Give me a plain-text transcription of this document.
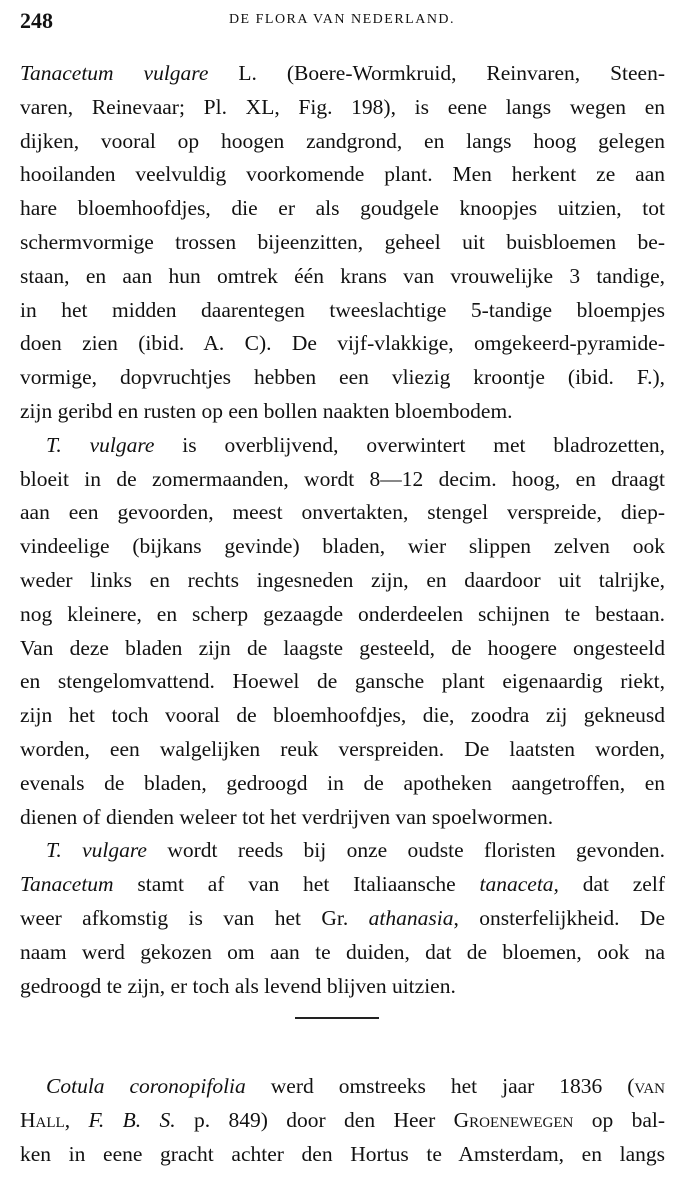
248	DE FLORA VAN NEDERLAND.
Tanacetum vulgare L. (Boere-Wormkruid, Reinvaren, Steen-
varen, Reinevaar; Pl. XL, Fig. 198), is eene langs wegen en
dijken, vooral op hoogen zandgrond, en langs hoog gelegen
hooilanden veelvuldig voorkomende plant. Men herkent ze aan
hare bloemhoofdjes, die er als goudgele knoopjes uitzien, tot
schermvormige trossen bijeenzitten, geheel uit buisbloemen be-
staan, en aan hun omtrek één krans van vrouwelijke 3 tandige,
in het midden daarentegen tweeslachtige 5-tandige bloempjes
doen zien (ibid. A. C). De vijf-vlakkige, omgekeerd-pyramide-
vormige, dopvruchtjes hebben een vliezig kroontje (ibid. F.),
zijn geribd en rusten op een bollen naakten bloembodem.
T. vulgare is overblijvend, overwintert met bladrozetten,
bloeit in de zomermaanden, wordt 8—12 decim. hoog, en draagt
aan een gevoorden, meest onvertakten, stengel verspreide, diep-
vindeelige (bijkans gevinde) bladen, wier slippen zelven ook
weder links en rechts ingesneden zijn, en daardoor uit talrijke,
nog kleinere, en scherp gezaagde onderdeelen schijnen te bestaan.
Van deze bladen zijn de laagste gesteeld, de hoogere ongesteeld
en stengelomvattend. Hoewel de gansche plant eigenaardig riekt,
zijn het toch vooral de bloemhoofdjes, die, zoodra zij gekneusd
worden, een walgelijken reuk verspreiden. De laatsten worden,
evenals de bladen, gedroogd in de apotheken aangetroffen, en
dienen of dienden weleer tot het verdrijven van spoelwormen.
T. vulgare wordt reeds bij onze oudste floristen gevonden.
Tanacetum stamt af van het Italiaansche tanaceta, dat zelf
weer afkomstig is van het Gr. athanasia, onsterfelijkheid. De
naam werd gekozen om aan te duiden, dat de bloemen, ook na
gedroogd te zijn, er toch als levend blijven uitzien.
Cotula coronopifolia werd omstreeks het jaar 1836 (van
Hall, F. B. S. p. 849) door den Heer Groenewegen op bal-
ken in eene gracht achter den Hortus te Amsterdam, en langs
